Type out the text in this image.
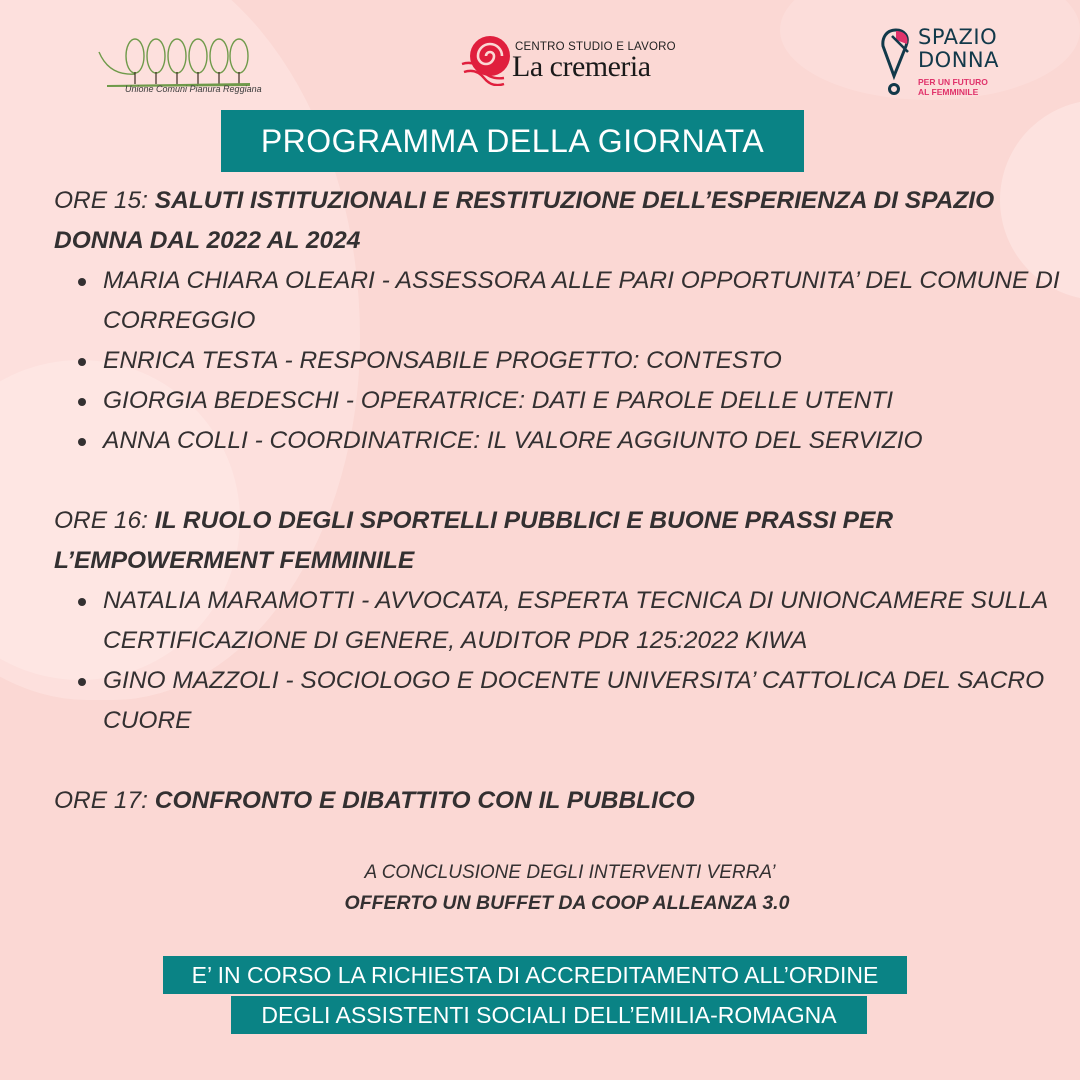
Unione Comuni Pianura Reggiana
CENTRO STUDIO E LAVORO
La cremeria
SPAZIO
DONNA
PER UN FUTURO
AL FEMMINILE
PROGRAMMA DELLA GIORNATA

ORE 15: SALUTI ISTITUZIONALI E RESTITUZIONE DELL’ESPERIENZA DI SPAZIO DONNA DAL 2022 AL 2024

MARIA CHIARA OLEARI - ASSESSORA ALLE PARI OPPORTUNITA’ DEL COMUNE DI CORREGGIO
ENRICA TESTA - RESPONSABILE PROGETTO: CONTESTO
GIORGIA BEDESCHI - OPERATRICE: DATI E PAROLE DELLE UTENTI
ANNA COLLI - COORDINATRICE: IL VALORE AGGIUNTO DEL SERVIZIO

ORE 16: IL RUOLO DEGLI SPORTELLI PUBBLICI E BUONE PRASSI PER L’EMPOWERMENT FEMMINILE

NATALIA MARAMOTTI - AVVOCATA, ESPERTA TECNICA DI UNIONCAMERE SULLA CERTIFICAZIONE DI GENERE, AUDITOR PDR 125:2022 KIWA
GINO MAZZOLI - SOCIOLOGO E DOCENTE UNIVERSITA’ CATTOLICA DEL SACRO CUORE

ORE 17: CONFRONTO E DIBATTITO CON IL PUBBLICO

A CONCLUSIONE DEGLI INTERVENTI VERRA’
OFFERTO UN BUFFET DA COOP ALLEANZA 3.0
E’ IN CORSO LA RICHIESTA DI ACCREDITAMENTO ALL’ORDINE
DEGLI ASSISTENTI SOCIALI DELL’EMILIA-ROMAGNA
